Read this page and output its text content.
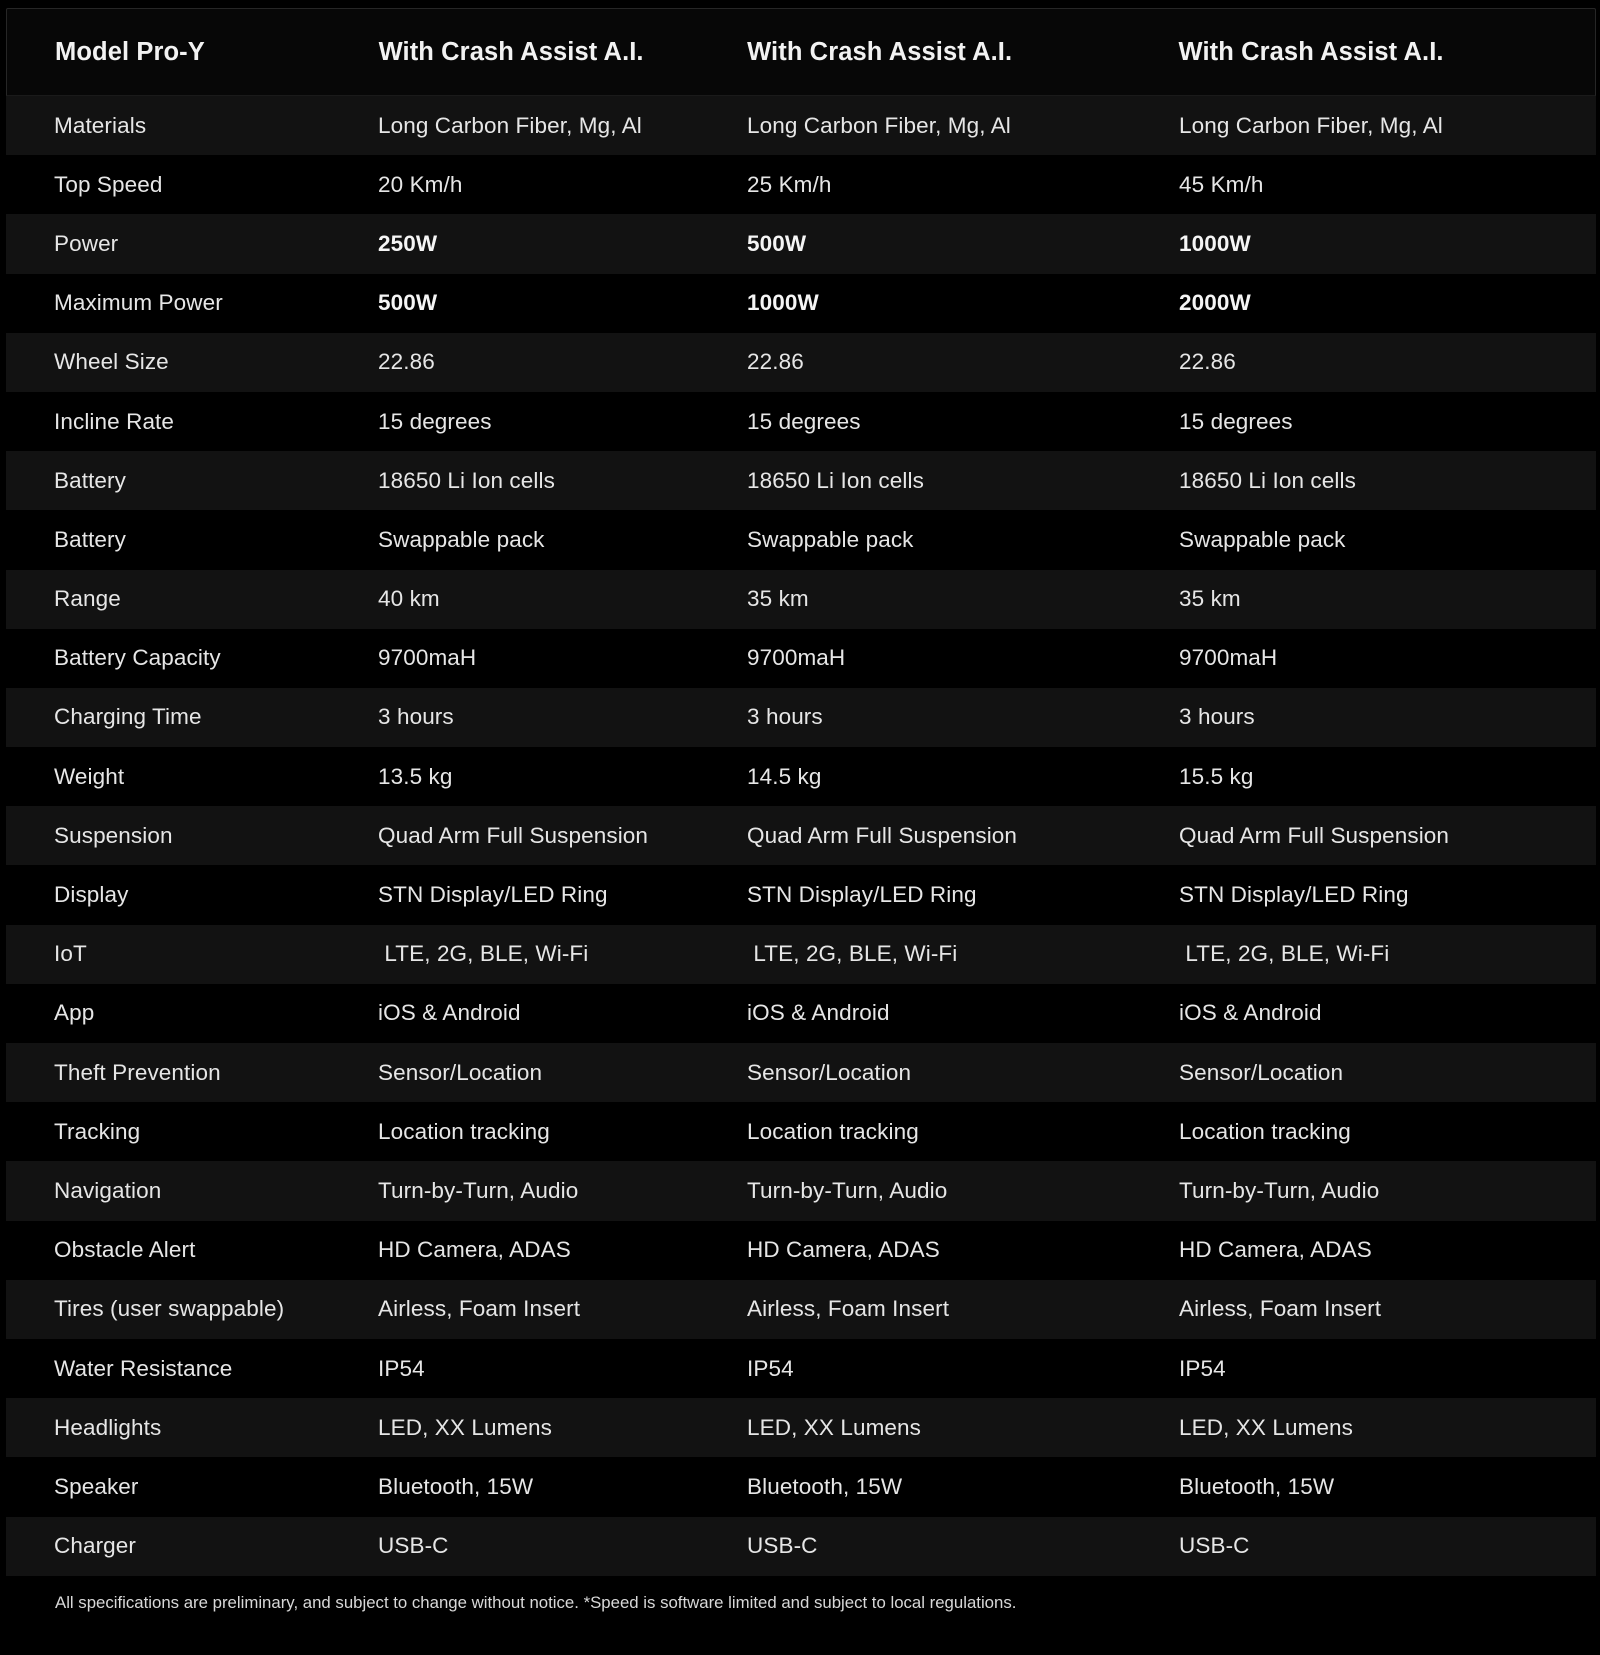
Model Pro-Y	With Crash Assist A.I.	With Crash Assist A.I.	With Crash Assist A.I.
Materials	Long Carbon Fiber, Mg, Al	Long Carbon Fiber, Mg, Al	Long Carbon Fiber, Mg, Al
Top Speed	20 Km/h	25 Km/h	45 Km/h
Power	250W	500W	1000W
Maximum Power	500W	1000W	2000W
Wheel Size	22.86	22.86	22.86
Incline Rate	15 degrees	15 degrees	15 degrees
Battery	18650 Li Ion cells	18650 Li Ion cells	18650 Li Ion cells
Battery	Swappable pack	Swappable pack	Swappable pack
Range	40 km	35 km	35 km
Battery Capacity	9700maH	9700maH	9700maH
Charging Time	3 hours	3 hours	3 hours
Weight	13.5 kg	14.5 kg	15.5 kg
Suspension	Quad Arm Full Suspension	Quad Arm Full Suspension	Quad Arm Full Suspension
Display	STN Display/LED Ring	STN Display/LED Ring	STN Display/LED Ring
IoT	LTE, 2G, BLE, Wi-Fi	LTE, 2G, BLE, Wi-Fi	LTE, 2G, BLE, Wi-Fi
App	iOS & Android	iOS & Android	iOS & Android
Theft Prevention	Sensor/Location	Sensor/Location	Sensor/Location
Tracking	Location tracking	Location tracking	Location tracking
Navigation	Turn-by-Turn, Audio	Turn-by-Turn, Audio	Turn-by-Turn, Audio
Obstacle Alert	HD Camera, ADAS	HD Camera, ADAS	HD Camera, ADAS
Tires (user swappable)	Airless, Foam Insert	Airless, Foam Insert	Airless, Foam Insert
Water Resistance	IP54	IP54	IP54
Headlights	LED, XX Lumens	LED, XX Lumens	LED, XX Lumens
Speaker	Bluetooth, 15W	Bluetooth, 15W	Bluetooth, 15W
Charger	USB-C	USB-C	USB-C
All specifications are preliminary, and subject to change without notice. *Speed is software limited and subject to local regulations.
